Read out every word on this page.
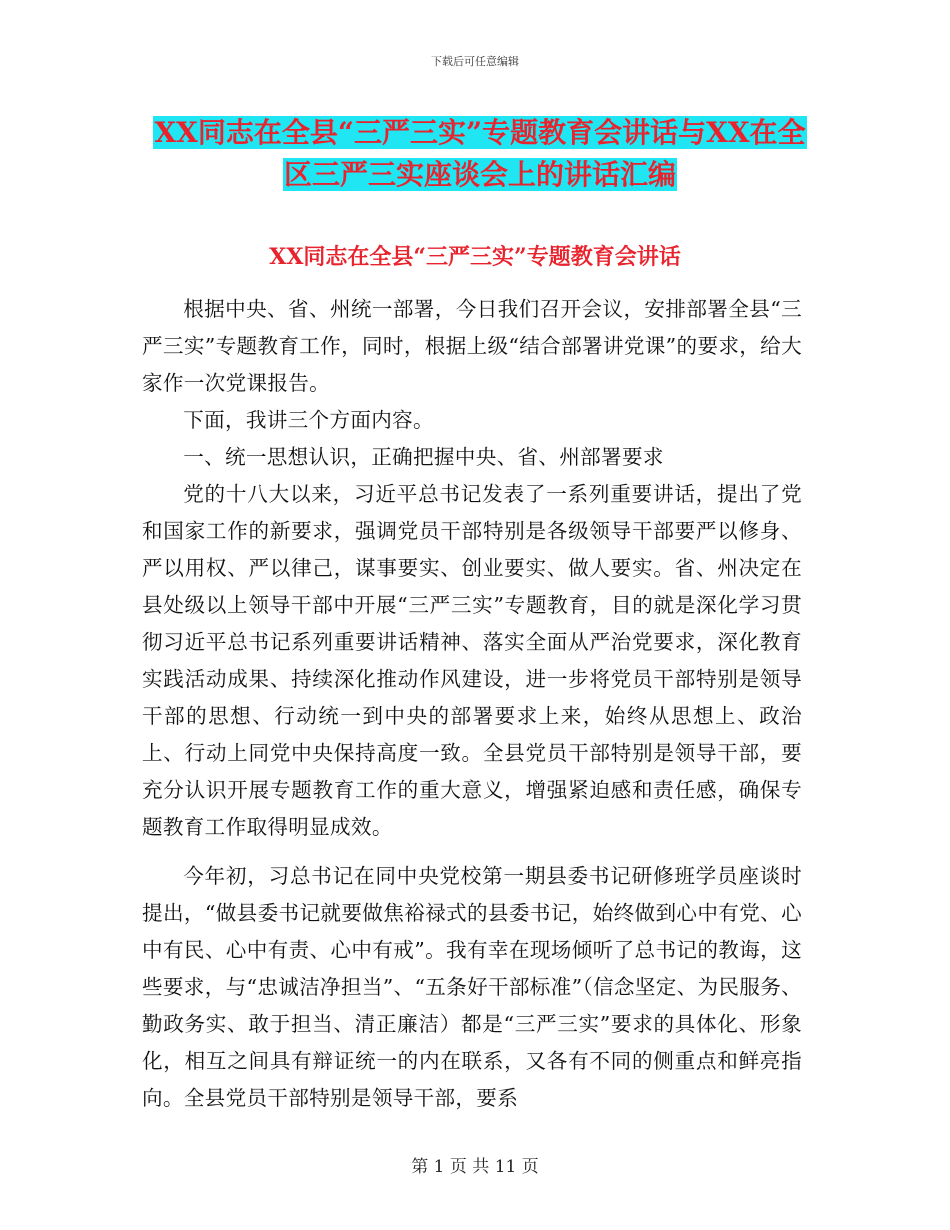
下载后可任意编辑
XX同志在全县“三严三实”专题教育会讲话与XX在全
区三严三实座谈会上的讲话汇编
XX同志在全县“三严三实”专题教育会讲话

根据中央、省、州统一部署，今日我们召开会议，安排部署全县“三严三实”专题教育工作，同时，根据上级“结合部署讲党课”的要求，给大家作一次党课报告。

下面，我讲三个方面内容。

一、统一思想认识，正确把握中央、省、州部署要求

党的十八大以来，习近平总书记发表了一系列重要讲话，提出了党和国家工作的新要求，强调党员干部特别是各级领导干部要严以修身、严以用权、严以律己，谋事要实、创业要实、做人要实。省、州决定在县处级以上领导干部中开展“三严三实”专题教育，目的就是深化学习贯彻习近平总书记系列重要讲话精神、落实全面从严治党要求，深化教育实践活动成果、持续深化推动作风建设，进一步将党员干部特别是领导干部的思想、行动统一到中央的部署要求上来，始终从思想上、政治上、行动上同党中央保持高度一致。全县党员干部特别是领导干部，要充分认识开展专题教育工作的重大意义，增强紧迫感和责任感，确保专题教育工作取得明显成效。

今年初，习总书记在同中央党校第一期县委书记研修班学员座谈时提出，“做县委书记就要做焦裕禄式的县委书记，始终做到心中有党、心中有民、心中有责、心中有戒”。我有幸在现场倾听了总书记的教诲，这些要求，与“忠诚洁净担当”、“五条好干部标准”（信念坚定、为民服务、勤政务实、敢于担当、清正廉洁）都是“三严三实”要求的具体化、形象化，相互之间具有辩证统一的内在联系，又各有不同的侧重点和鲜亮指向。全县党员干部特别是领导干部，要系

第 1 页 共 11 页
